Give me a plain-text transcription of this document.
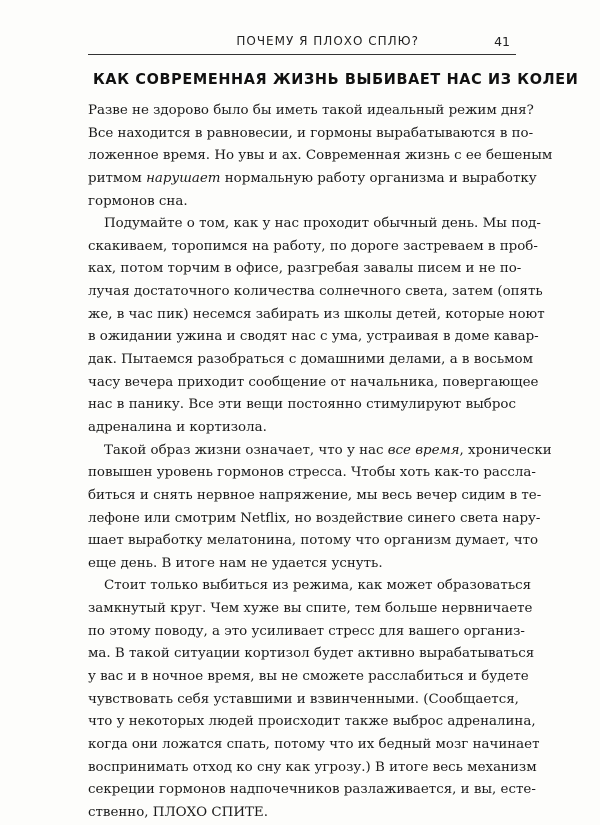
ПОЧЕМУ Я ПЛОХО СПЛЮ?	41
КАК СОВРЕМЕННАЯ ЖИЗНЬ ВЫБИВАЕТ НАС ИЗ КОЛЕИ
Разве не здорово было бы иметь такой идеальный режим дня?
Все находится в равновесии, и гормоны вырабатываются в по-
ложенное время. Но увы и ах. Современная жизнь с ее бешеным
ритмом нарушает нормальную работу организма и выработку
гормонов сна.
Подумайте о том, как у нас проходит обычный день. Мы под-
скакиваем, торопимся на работу, по дороге застреваем в проб-
ках, потом торчим в офисе, разгребая завалы писем и не по-
лучая достаточного количества солнечного света, затем (опять
же, в час пик) несемся забирать из школы детей, которые ноют
в ожидании ужина и сводят нас с ума, устраивая в доме кавар-
дак. Пытаемся разобраться с домашними делами, а в восьмом
часу вечера приходит сообщение от начальника, повергающее
нас в панику. Все эти вещи постоянно стимулируют выброс
адреналина и кортизола.
Такой образ жизни означает, что у нас все время, хронически
повышен уровень гормонов стресса. Чтобы хоть как-то рассла-
биться и снять нервное напряжение, мы весь вечер сидим в те-
лефоне или смотрим Netflix, но воздействие синего света нару-
шает выработку мелатонина, потому что организм думает, что
еще день. В итоге нам не удается уснуть.
Стоит только выбиться из режима, как может образоваться
замкнутый круг. Чем хуже вы спите, тем больше нервничаете
по этому поводу, а это усиливает стресс для вашего организ-
ма. В такой ситуации кортизол будет активно вырабатываться
у вас и в ночное время, вы не сможете расслабиться и будете
чувствовать себя уставшими и взвинченными. (Сообщается,
что у некоторых людей происходит также выброс адреналина,
когда они ложатся спать, потому что их бедный мозг начинает
воспринимать отход ко сну как угрозу.) В итоге весь механизм
секреции гормонов надпочечников разлаживается, и вы, есте-
ственно, ПЛОХО СПИТЕ.
